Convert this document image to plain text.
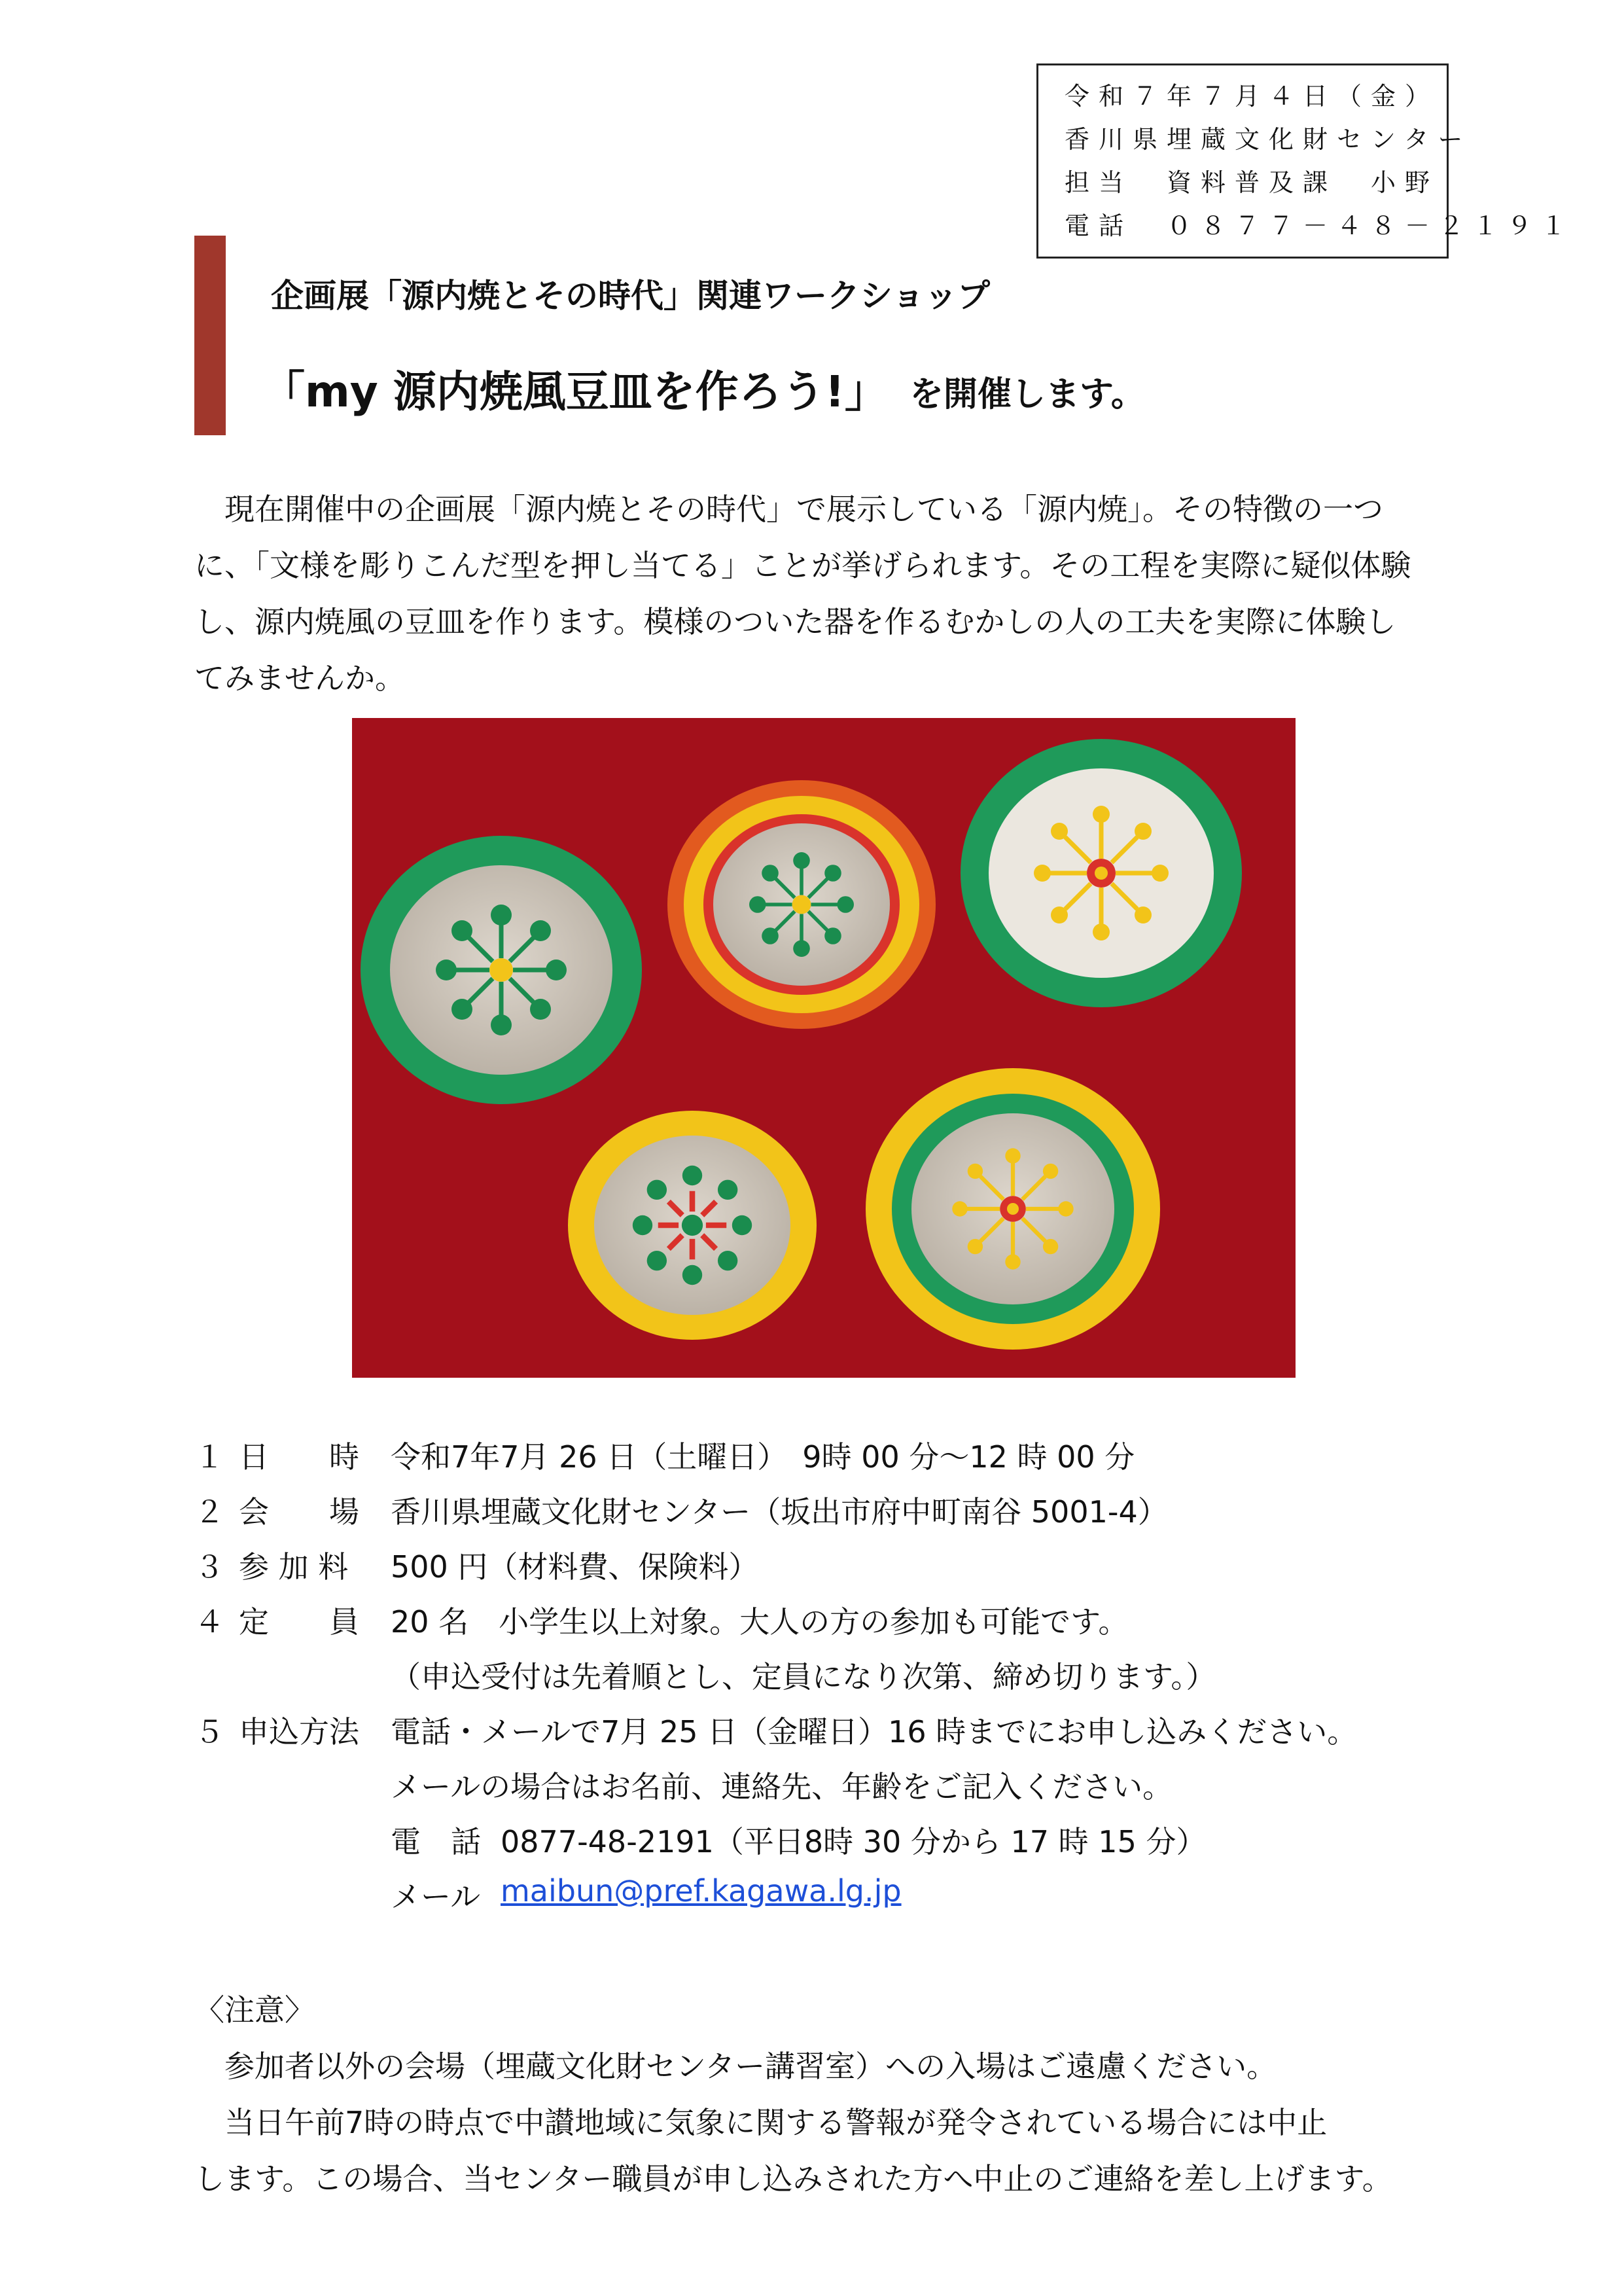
令和７年７月４日（金）
香川県埋蔵文化財センター
担当　資料普及課　小野
電話　０８７７－４８－２１９１
企画展「源内焼とその時代」関連ワークショップ
「my 源内焼風豆皿を作ろう!」 を開催します。
　現在開催中の企画展「源内焼とその時代」で展示している「源内焼」。その特徴の一つ
に、「文様を彫りこんだ型を押し当てる」ことが挙げられます。その工程を実際に疑似体験
し、源内焼風の豆皿を作ります。模様のついた器を作るむかしの人の工夫を実際に体験し
てみませんか。
１ 日　　時 令和7年7月 26 日（土曜日）　9時 00 分～12 時 00 分
２ 会　　場 香川県埋蔵文化財センター（坂出市府中町南谷 5001-4）
３ 参 加 料 500 円（材料費、保険料）
４ 定　　員 20 名　小学生以上対象。大人の方の参加も可能です。
（申込受付は先着順とし、定員になり次第、締め切ります。）
５ 申込方法 電話・メールで7月 25 日（金曜日）16 時までにお申し込みください。
メールの場合はお名前、連絡先、年齢をご記入ください。
電　話 0877-48-2191（平日8時 30 分から 17 時 15 分）
メール maibun@pref.kagawa.lg.jp
〈注意〉
　参加者以外の会場（埋蔵文化財センター講習室）への入場はご遠慮ください。
　当日午前7時の時点で中讃地域に気象に関する警報が発令されている場合には中止
します。この場合、当センター職員が申し込みされた方へ中止のご連絡を差し上げます。
